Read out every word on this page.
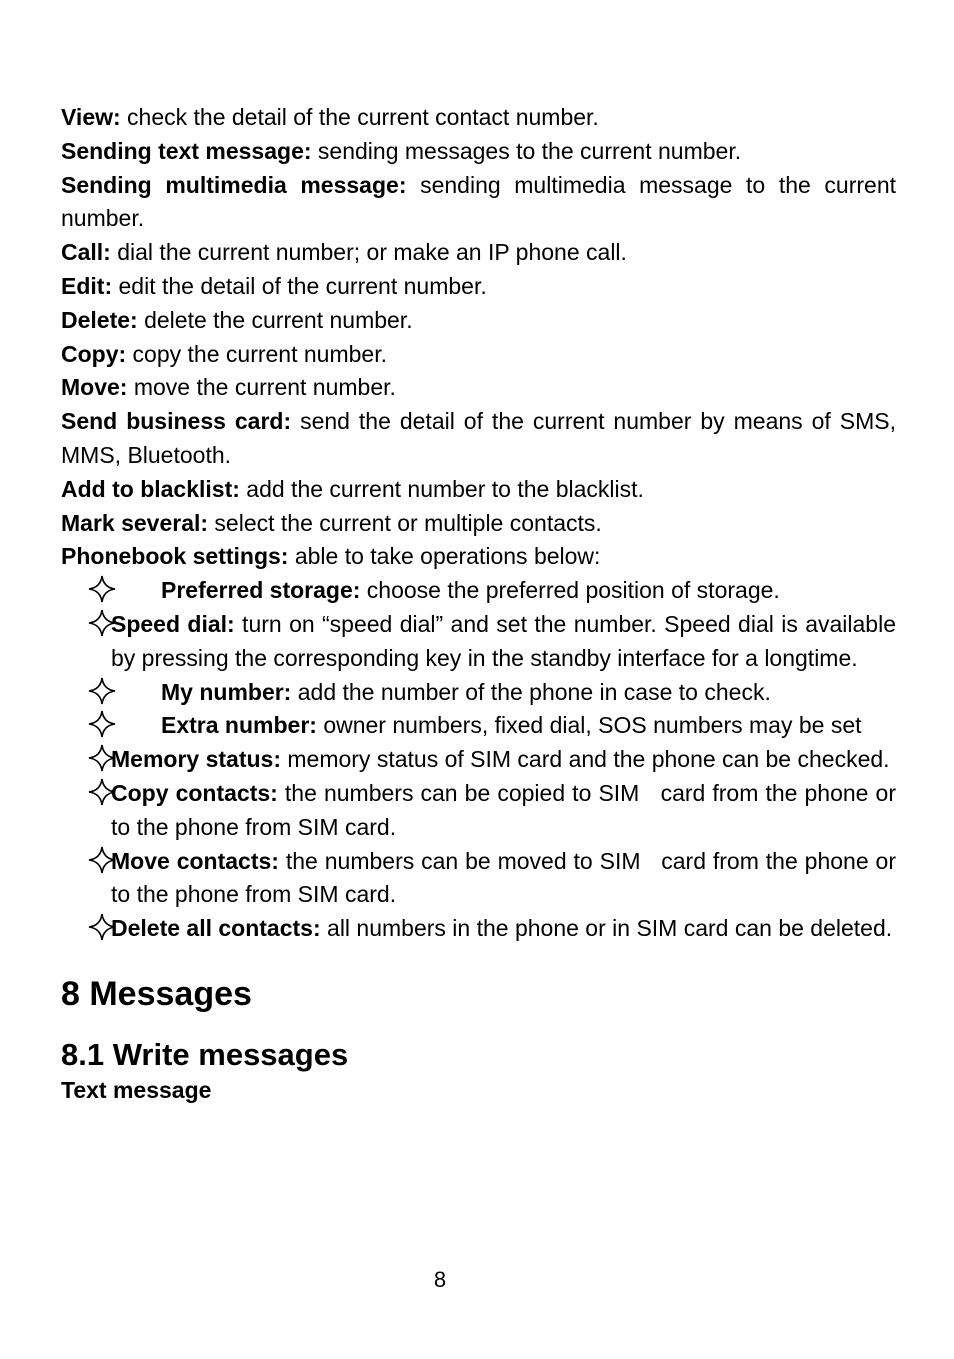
View: check the detail of the current contact number.

Sending text message: sending messages to the current number.

Sending multimedia message: sending multimedia message to the current number.

Call: dial the current number; or make an IP phone call.

Edit: edit the detail of the current number.

Delete: delete the current number.

Copy: copy the current number.

Move: move the current number.

Send business card: send the detail of the current number by means of SMS, MMS, Bluetooth.

Add to blacklist: add the current number to the blacklist.

Mark several: select the current or multiple contacts.

Phonebook settings: able to take operations below:

Preferred storage: choose the preferred position of storage.
Speed dial: turn on “speed dial” and set the number. Speed dial is available by pressing the corresponding key in the standby interface for a longtime.
My number: add the number of the phone in case to check.
Extra number: owner numbers, fixed dial, SOS numbers may be set
Memory status: memory status of SIM card and the phone can be checked.
Copy contacts: the numbers can be copied to SIM   card from the phone or to the phone from SIM card.
Move contacts: the numbers can be moved to SIM   card from the phone or to the phone from SIM card.
Delete all contacts: all numbers in the phone or in SIM card can be deleted.
8 Messages
8.1 Write messages

Text message

8
